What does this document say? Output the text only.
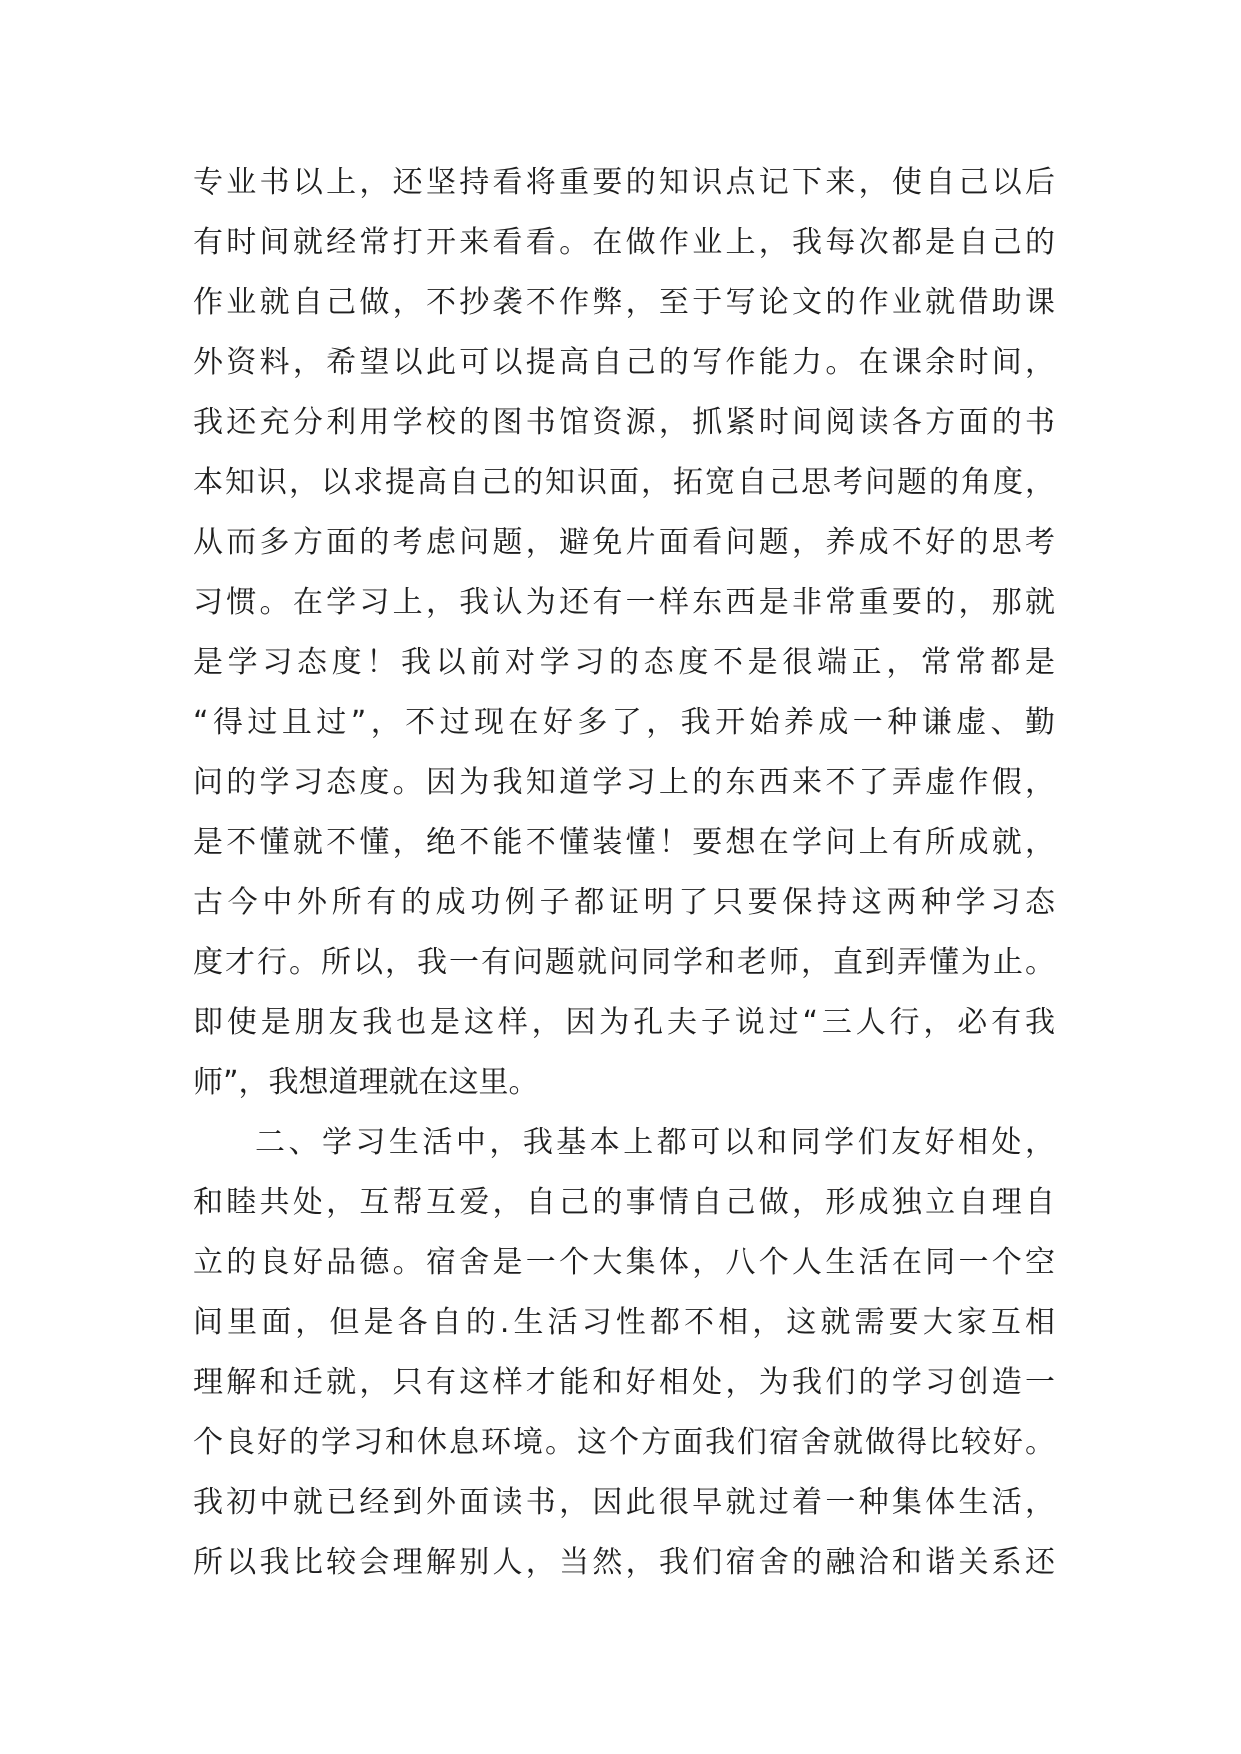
专业书以上，还坚持看将重要的知识点记下来，使自己以后
有时间就经常打开来看看。在做作业上，我每次都是自己的
作业就自己做，不抄袭不作弊，至于写论文的作业就借助课
外资料，希望以此可以提高自己的写作能力。在课余时间，
我还充分利用学校的图书馆资源，抓紧时间阅读各方面的书
本知识，以求提高自己的知识面，拓宽自己思考问题的角度，
从而多方面的考虑问题，避免片面看问题，养成不好的思考
习惯。在学习上，我认为还有一样东西是非常重要的，那就
是学习态度！我以前对学习的态度不是很端正，常常都是
“得过且过”，不过现在好多了，我开始养成一种谦虚、勤
问的学习态度。因为我知道学习上的东西来不了弄虚作假，
是不懂就不懂，绝不能不懂装懂！要想在学问上有所成就，
古今中外所有的成功例子都证明了只要保持这两种学习态
度才行。所以，我一有问题就问同学和老师，直到弄懂为止。
即使是朋友我也是这样，因为孔夫子说过“三人行，必有我
师”，我想道理就在这里。
二、学习生活中，我基本上都可以和同学们友好相处，
和睦共处，互帮互爱，自己的事情自己做，形成独立自理自
立的良好品德。宿舍是一个大集体，八个人生活在同一个空
间里面，但是各自的.生活习性都不相，这就需要大家互相
理解和迁就，只有这样才能和好相处，为我们的学习创造一
个良好的学习和休息环境。这个方面我们宿舍就做得比较好。
我初中就已经到外面读书，因此很早就过着一种集体生活，
所以我比较会理解别人，当然，我们宿舍的融洽和谐关系还
